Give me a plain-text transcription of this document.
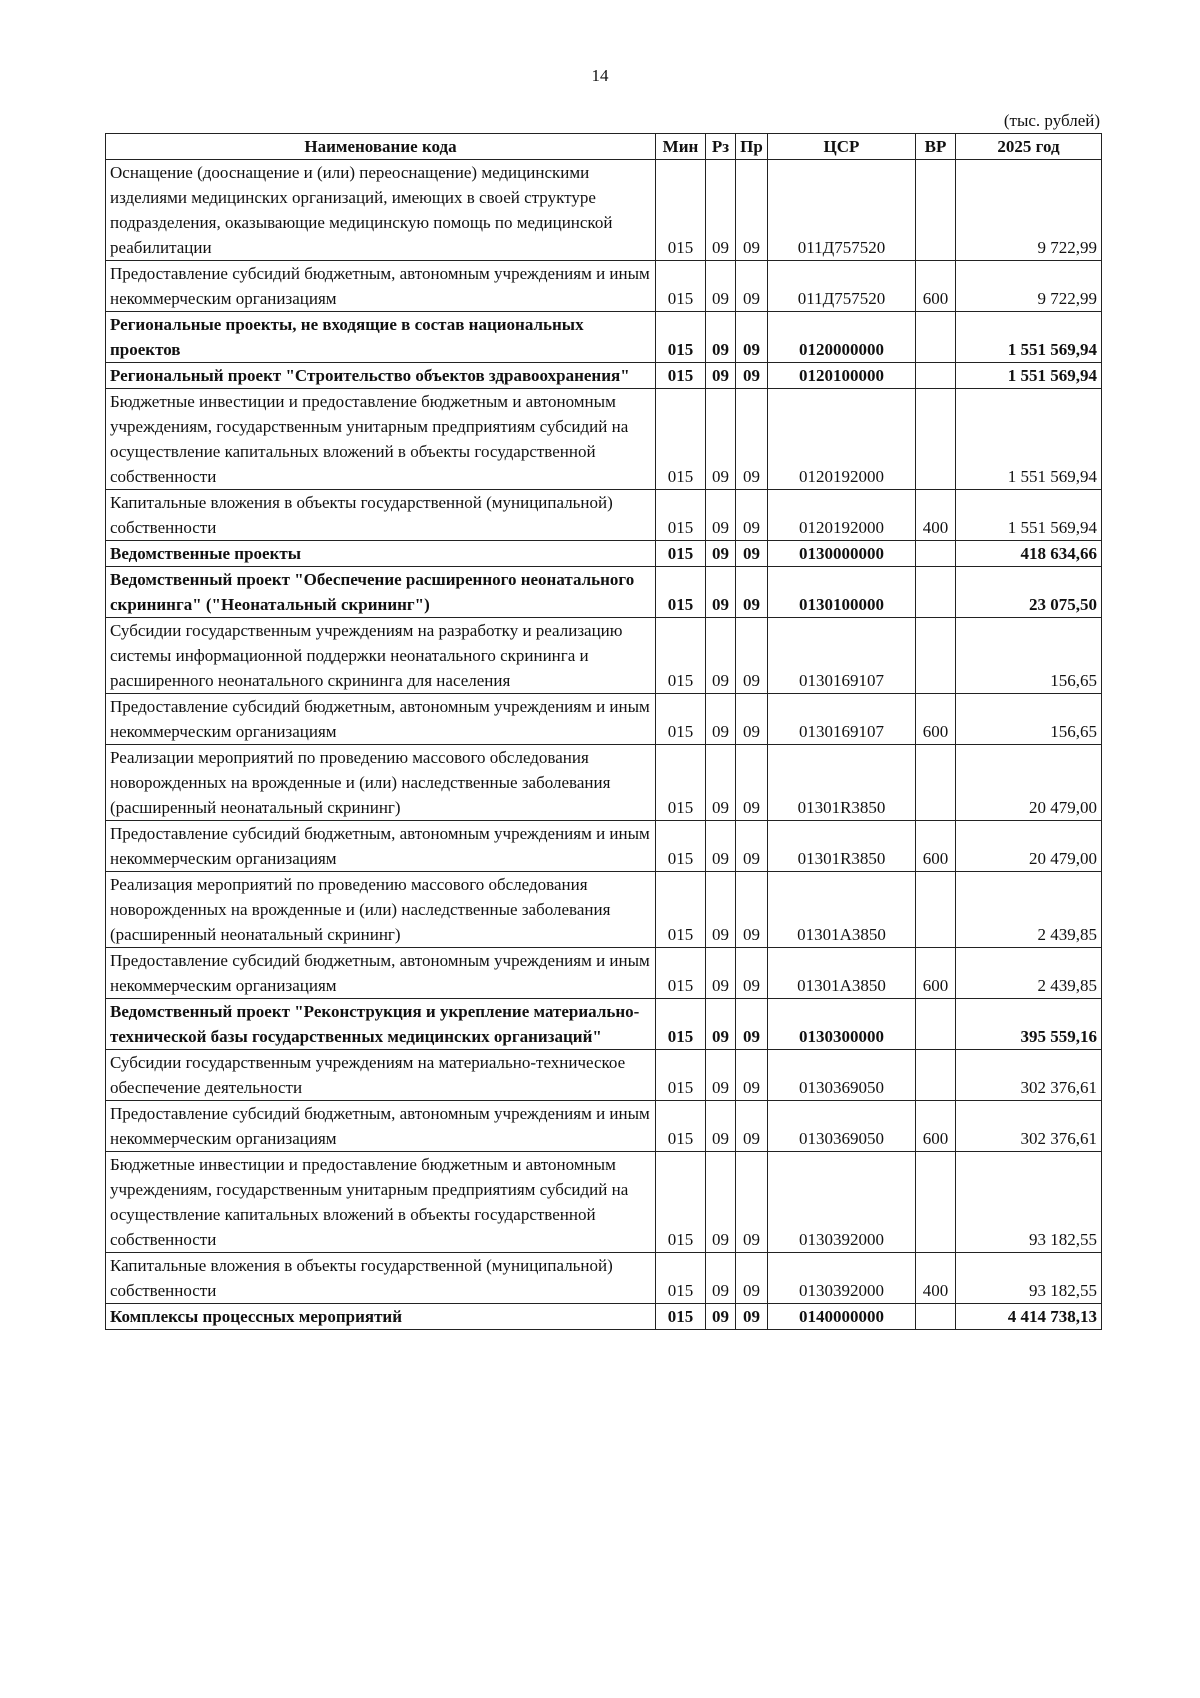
14
(тыс. рублей)
Наименование кода	Мин	Рз	Пр	ЦСР	ВР	2025 год
Оснащение (дооснащение и (или) переоснащение) медицинскими изделиями медицинских организаций, имеющих в своей структуре подразделения, оказывающие медицинскую помощь по медицинской реабилитации	015	09	09	011Д757520		9 722,99
Предоставление субсидий бюджетным, автономным учреждениям и иным некоммерческим организациям	015	09	09	011Д757520	600	9 722,99
Региональные проекты, не входящие в состав национальных проектов	015	09	09	0120000000		1 551 569,94
Региональный проект "Строительство объектов здравоохранения"	015	09	09	0120100000		1 551 569,94
Бюджетные инвестиции и предоставление бюджетным и автономным учреждениям, государственным унитарным предприятиям субсидий на осуществление капитальных вложений в объекты государственной собственности	015	09	09	0120192000		1 551 569,94
Капитальные вложения в объекты государственной (муниципальной) собственности	015	09	09	0120192000	400	1 551 569,94
Ведомственные проекты	015	09	09	0130000000		418 634,66
Ведомственный проект "Обеспечение расширенного неонатального скрининга" ("Неонатальный скрининг")	015	09	09	0130100000		23 075,50
Субсидии государственным учреждениям на разработку и реализацию системы информационной поддержки неонатального скрининга и расширенного неонатального скрининга для населения	015	09	09	0130169107		156,65
Предоставление субсидий бюджетным, автономным учреждениям и иным некоммерческим организациям	015	09	09	0130169107	600	156,65
Реализации мероприятий по проведению массового обследования новорожденных на врожденные и (или) наследственные заболевания (расширенный неонатальный скрининг)	015	09	09	01301R3850		20 479,00
Предоставление субсидий бюджетным, автономным учреждениям и иным некоммерческим организациям	015	09	09	01301R3850	600	20 479,00
Реализация мероприятий по проведению массового обследования новорожденных на врожденные и (или) наследственные заболевания (расширенный неонатальный скрининг)	015	09	09	01301А3850		2 439,85
Предоставление субсидий бюджетным, автономным учреждениям и иным некоммерческим организациям	015	09	09	01301А3850	600	2 439,85
Ведомственный проект "Реконструкция и укрепление материально-технической базы государственных медицинских организаций"	015	09	09	0130300000		395 559,16
Субсидии государственным учреждениям на материально-техническое обеспечение деятельности	015	09	09	0130369050		302 376,61
Предоставление субсидий бюджетным, автономным учреждениям и иным некоммерческим организациям	015	09	09	0130369050	600	302 376,61
Бюджетные инвестиции и предоставление бюджетным и автономным учреждениям, государственным унитарным предприятиям субсидий на осуществление капитальных вложений в объекты государственной собственности	015	09	09	0130392000		93 182,55
Капитальные вложения в объекты государственной (муниципальной) собственности	015	09	09	0130392000	400	93 182,55
Комплексы процессных мероприятий	015	09	09	0140000000		4 414 738,13
